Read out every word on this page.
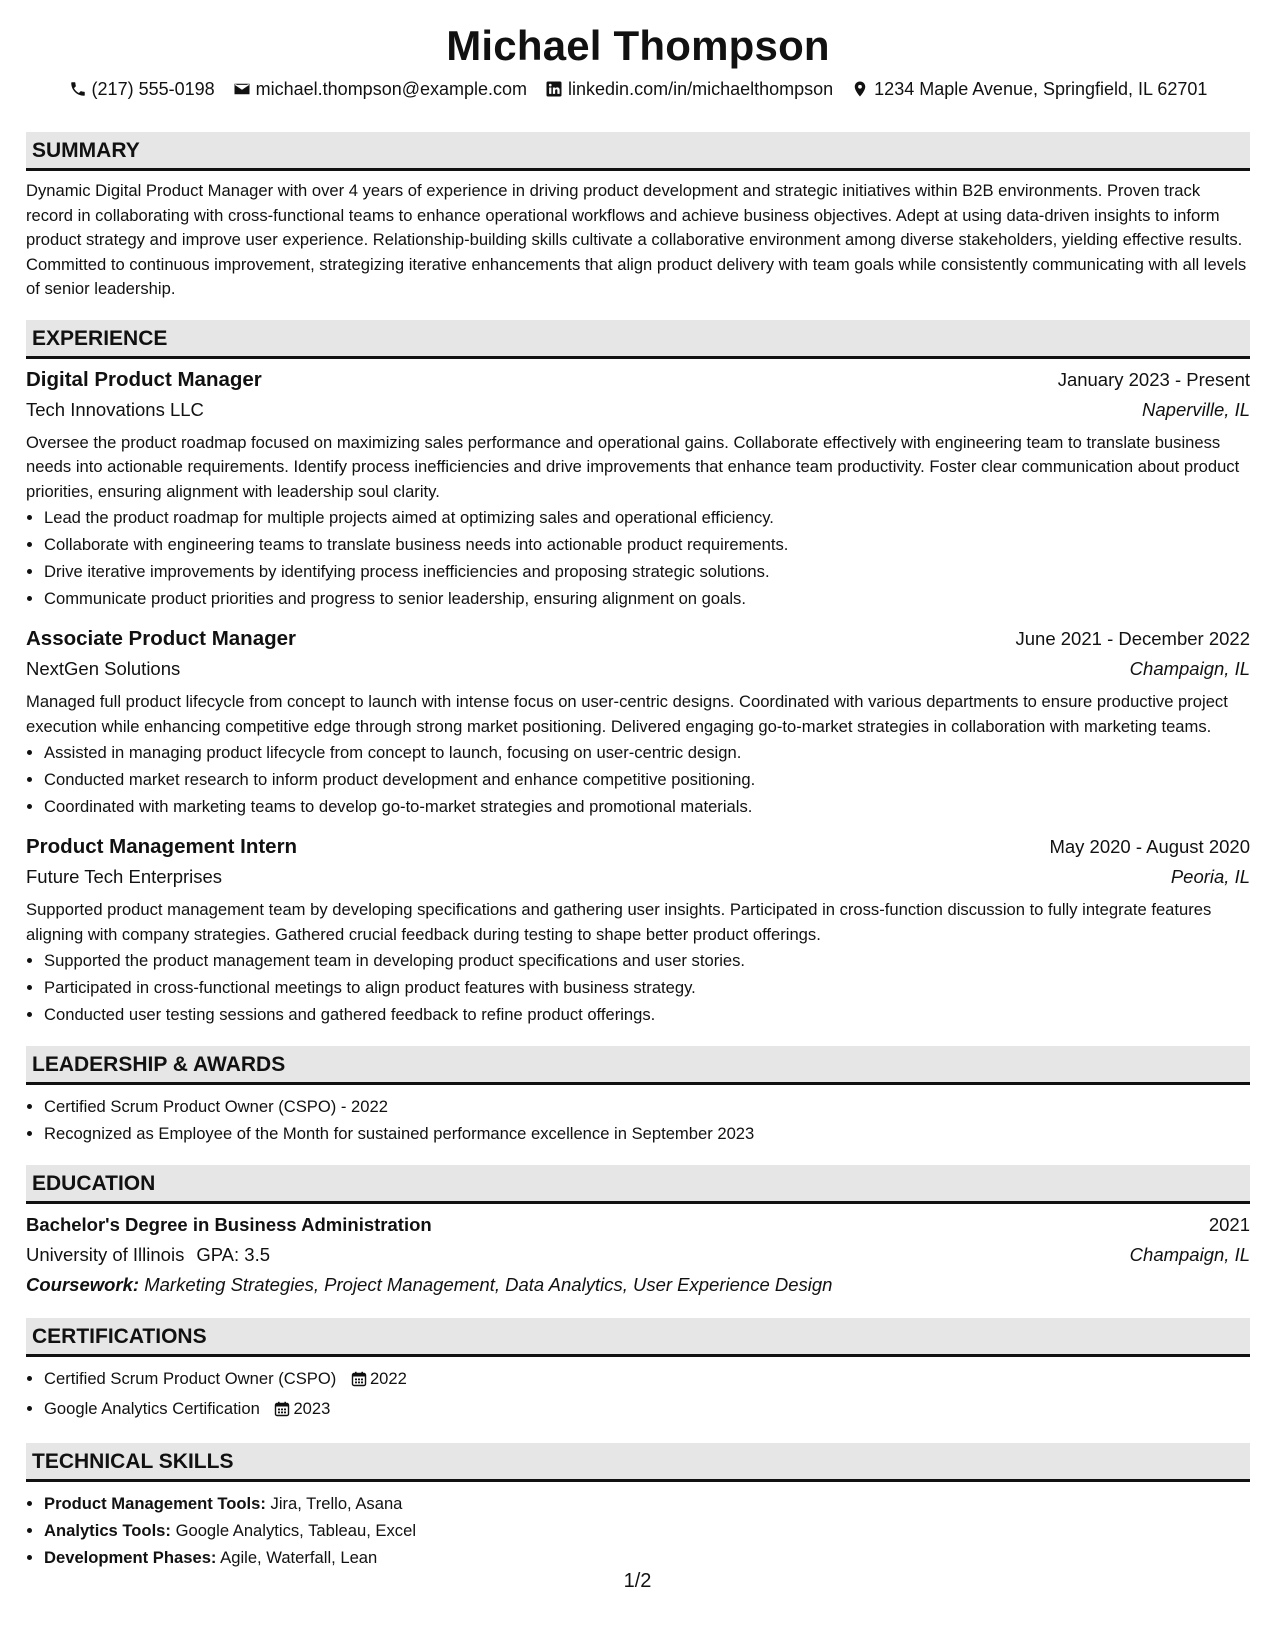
Michael Thompson
(217) 555-0198 michael.thompson@example.com linkedin.com/in/michaelthompson 1234 Maple Avenue, Springfield, IL 62701
SUMMARY

Dynamic Digital Product Manager with over 4 years of experience in driving product development and strategic initiatives within B2B environments. Proven track record in collaborating with cross-functional teams to enhance operational workflows and achieve business objectives. Adept at using data-driven insights to inform product strategy and improve user experience. Relationship-building skills cultivate a collaborative environment among diverse stakeholders, yielding effective results. Committed to continuous improvement, strategizing iterative enhancements that align product delivery with team goals while consistently communicating with all levels of senior leadership.

EXPERIENCE
Digital Product Manager	January 2023 - Present
Tech Innovations LLC	Naperville, IL

Oversee the product roadmap focused on maximizing sales performance and operational gains. Collaborate effectively with engineering team to translate business needs into actionable requirements. Identify process inefficiencies and drive improvements that enhance team productivity. Foster clear communication about product priorities, ensuring alignment with leadership soul clarity.

• Lead the product roadmap for multiple projects aimed at optimizing sales and operational efficiency.
• Collaborate with engineering teams to translate business needs into actionable product requirements.
• Drive iterative improvements by identifying process inefficiencies and proposing strategic solutions.
• Communicate product priorities and progress to senior leadership, ensuring alignment on goals.
Associate Product Manager	June 2021 - December 2022
NextGen Solutions	Champaign, IL

Managed full product lifecycle from concept to launch with intense focus on user-centric designs. Coordinated with various departments to ensure productive project execution while enhancing competitive edge through strong market positioning. Delivered engaging go-to-market strategies in collaboration with marketing teams.

• Assisted in managing product lifecycle from concept to launch, focusing on user-centric design.
• Conducted market research to inform product development and enhance competitive positioning.
• Coordinated with marketing teams to develop go-to-market strategies and promotional materials.
Product Management Intern	May 2020 - August 2020
Future Tech Enterprises	Peoria, IL

Supported product management team by developing specifications and gathering user insights. Participated in cross-function discussion to fully integrate features aligning with company strategies. Gathered crucial feedback during testing to shape better product offerings.

• Supported the product management team in developing product specifications and user stories.
• Participated in cross-functional meetings to align product features with business strategy.
• Conducted user testing sessions and gathered feedback to refine product offerings.
LEADERSHIP & AWARDS
• Certified Scrum Product Owner (CSPO) - 2022
• Recognized as Employee of the Month for sustained performance excellence in September 2023
EDUCATION
Bachelor's Degree in Business Administration	2021
University of Illinois GPA: 3.5	Champaign, IL
Coursework: Marketing Strategies, Project Management, Data Analytics, User Experience Design
CERTIFICATIONS
• Certified Scrum Product Owner (CSPO) 2022
• Google Analytics Certification 2023
TECHNICAL SKILLS
• Product Management Tools: Jira, Trello, Asana
• Analytics Tools: Google Analytics, Tableau, Excel
• Development Phases: Agile, Waterfall, Lean
1/2
